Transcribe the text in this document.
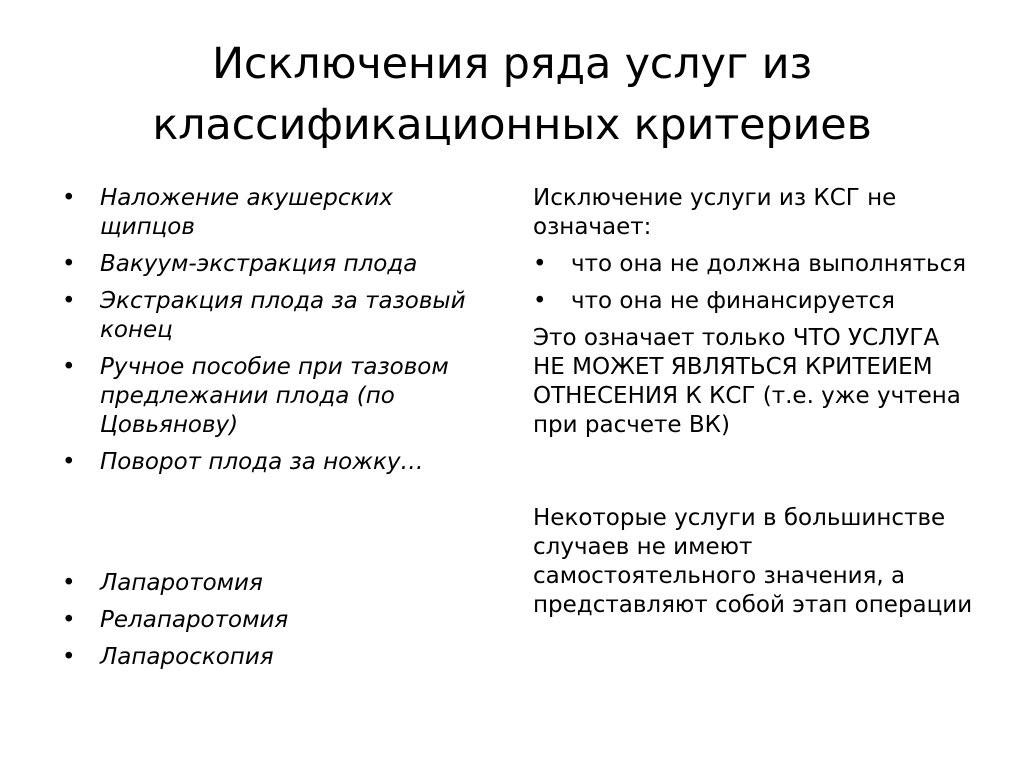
Исключения ряда услуг из
классификационных критериев
• Наложение акушерских щипцов
• Вакуум-экстракция плода
• Экстракция плода за тазовый конец
• Ручное пособие при тазовом предлежании плода (по Цовьянову)
• Поворот плода за ножку…
• Лапаротомия
• Релапаротомия
• Лапароскопия

Исключение услуги из КСГ не означает:

• что она не должна выполняться
• что она не финансируется

Это означает только ЧТО УСЛУГА НЕ МОЖЕТ ЯВЛЯТЬСЯ КРИТЕИЕМ ОТНЕСЕНИЯ К КСГ (т.е. уже учтена при расчете ВК)

Некоторые услуги в большинстве случаев не имеют самостоятельного значения, а представляют собой этап операции
